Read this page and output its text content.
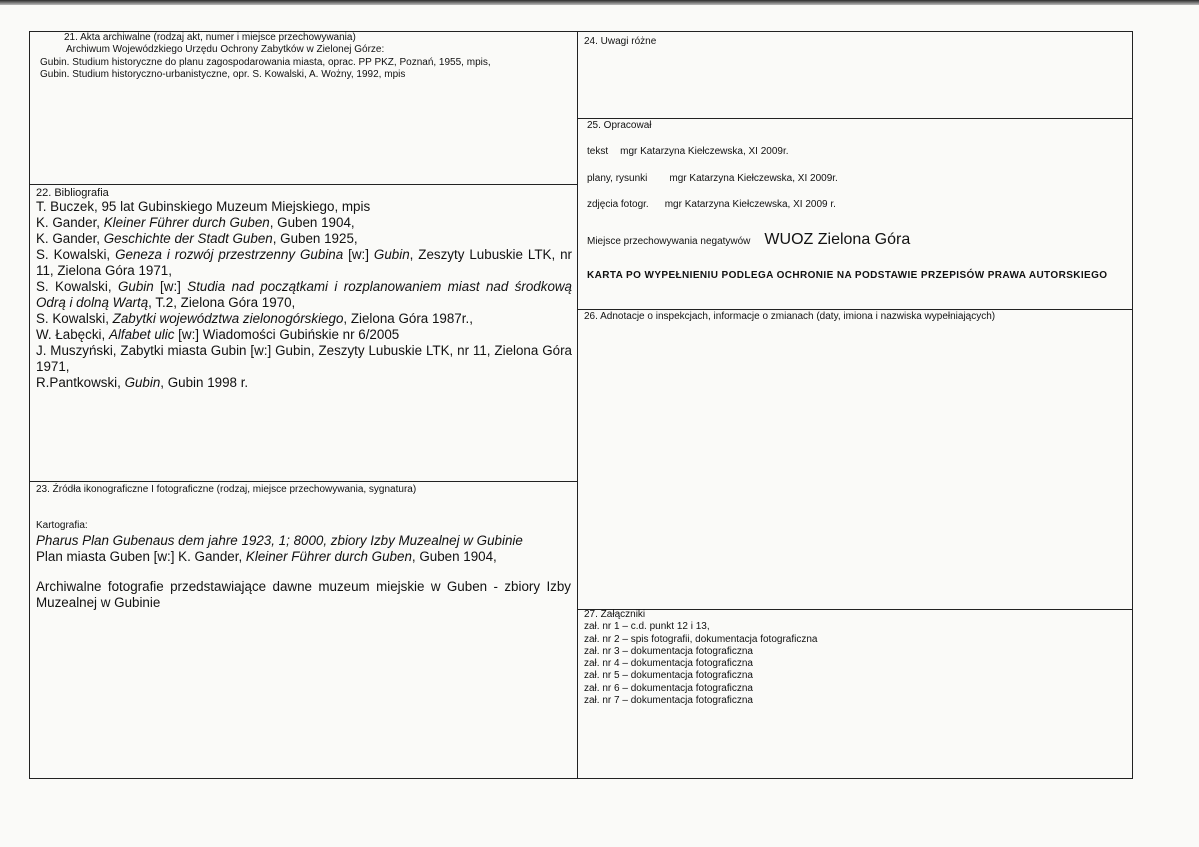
21. Akta archiwalne (rodzaj akt, numer i miejsce przechowywania)
Archiwum Wojewódzkiego Urzędu Ochrony Zabytków w Zielonej Górze:
Gubin. Studium historyczne do planu zagospodarowania miasta, oprac. PP PKZ, Poznań, 1955, mpis,
Gubin. Studium historyczno-urbanistyczne, opr. S. Kowalski, A. Wożny, 1992, mpis
22. Bibliografia
T. Buczek, 95 lat Gubinskiego Muzeum Miejskiego, mpis
K. Gander, Kleiner Führer durch Guben, Guben 1904,
K. Gander, Geschichte der Stadt Guben, Guben 1925,
S. Kowalski, Geneza i rozwój przestrzenny Gubina [w:] Gubin, Zeszyty Lubuskie LTK, nr 11, Zielona Góra 1971,
S. Kowalski, Gubin [w:] Studia nad początkami i rozplanowaniem miast nad środkową Odrą i dolną Wartą, T.2, Zielona Góra 1970,
S. Kowalski, Zabytki województwa zielonogórskiego, Zielona Góra 1987r.,
W. Łabęcki, Alfabet ulic [w:] Wiadomości Gubińskie nr 6/2005
J. Muszyński, Zabytki miasta Gubin [w:] Gubin, Zeszyty Lubuskie LTK, nr 11, Zielona Góra 1971,
R.Pantkowski, Gubin, Gubin 1998 r.
23. Źródła ikonograficzne I fotograficzne (rodzaj, miejsce przechowywania, sygnatura)
Kartografia:
Pharus Plan Gubenaus dem jahre 1923, 1; 8000, zbiory Izby Muzealnej w Gubinie
Plan miasta Guben [w:] K. Gander, Kleiner Führer durch Guben, Guben 1904,
Archiwalne fotografie przedstawiające dawne muzeum miejskie w Guben - zbiory Izby Muzealnej w Gubinie
24. Uwagi różne
25. Opracował
tekst mgr Katarzyna Kiełczewska, XI 2009r.
plany, rysunki mgr Katarzyna Kiełczewska, XI 2009r.
zdjęcia fotogr. mgr Katarzyna Kiełczewska, XI 2009 r.
Miejsce przechowywania negatywów WUOZ Zielona Góra
KARTA PO WYPEŁNIENIU PODLEGA OCHRONIE NA PODSTAWIE PRZEPISÓW PRAWA AUTORSKIEGO
26. Adnotacje o inspekcjach, informacje o zmianach (daty, imiona i nazwiska wypełniających)
27. Załączniki
zał. nr 1 – c.d. punkt 12 i 13,
zał. nr 2 – spis fotografii, dokumentacja fotograficzna
zał. nr 3 – dokumentacja fotograficzna
zał. nr 4 – dokumentacja fotograficzna
zał. nr 5 – dokumentacja fotograficzna
zał. nr 6 – dokumentacja fotograficzna
zał. nr 7 – dokumentacja fotograficzna
